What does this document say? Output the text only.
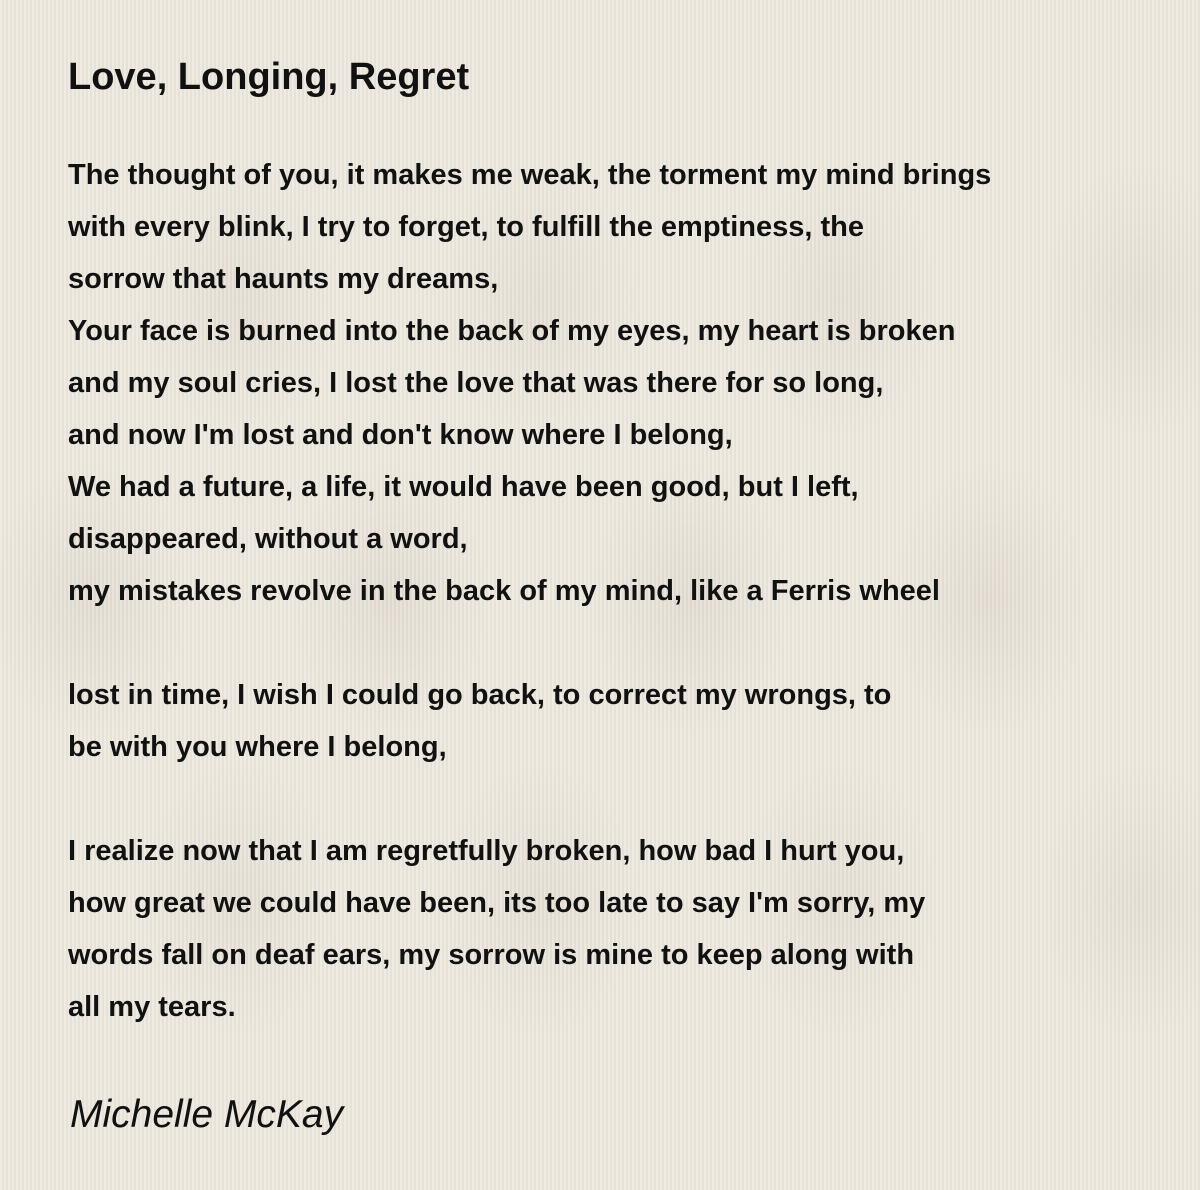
Love, Longing, Regret
The thought of you, it makes me weak, the torment my mind brings
with every blink, I try to forget, to fulfill the emptiness, the
sorrow that haunts my dreams,
Your face is burned into the back of my eyes, my heart is broken
and my soul cries, I lost the love that was there for so long,
and now I'm lost and don't know where I belong,
We had a future, a life, it would have been good, but I left,
disappeared, without a word,
my mistakes revolve in the back of my mind, like a Ferris wheel
lost in time, I wish I could go back, to correct my wrongs, to
be with you where I belong,
I realize now that I am regretfully broken, how bad I hurt you,
how great we could have been, its too late to say I'm sorry, my
words fall on deaf ears, my sorrow is mine to keep along with
all my tears.

Michelle McKay
